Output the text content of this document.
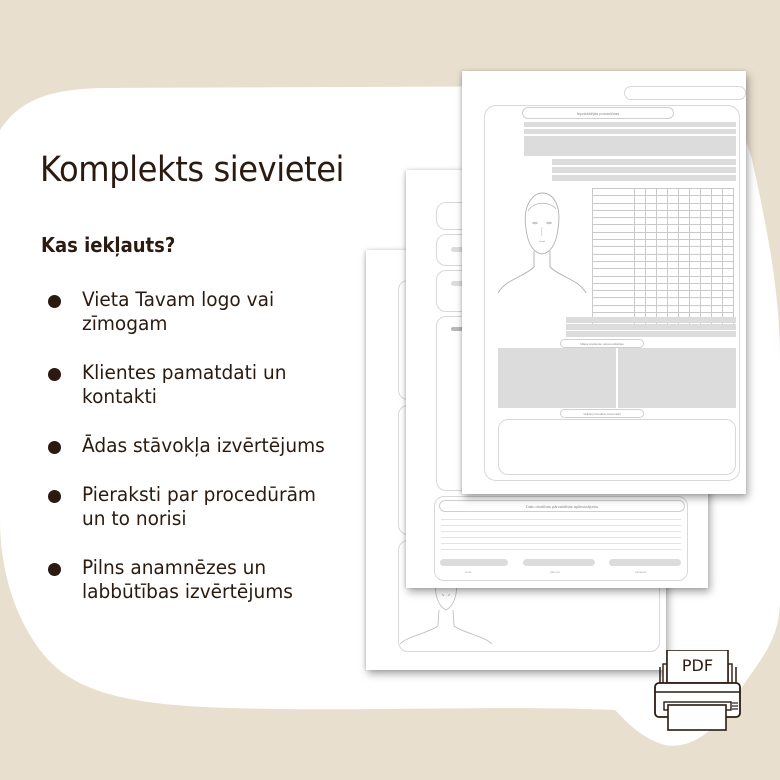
Komplekts sievietei
Kas iekļauts?
Vieta Tavam logo vai zīmogam
Klientes pamatdati un kontakti
Ādas stāvokļa izvērtējums
Pieraksti par procedūrām un to norisi
Pilns anamnēzes un labbūtības izvērtējums
Datu drošības pārvaldības apliecinājums
vieta	datums	paraksts
Iepriekšējās procedūras

Mājas kopšanas rekomendācijas
Veiktā procedūra, komentāri
PDF
